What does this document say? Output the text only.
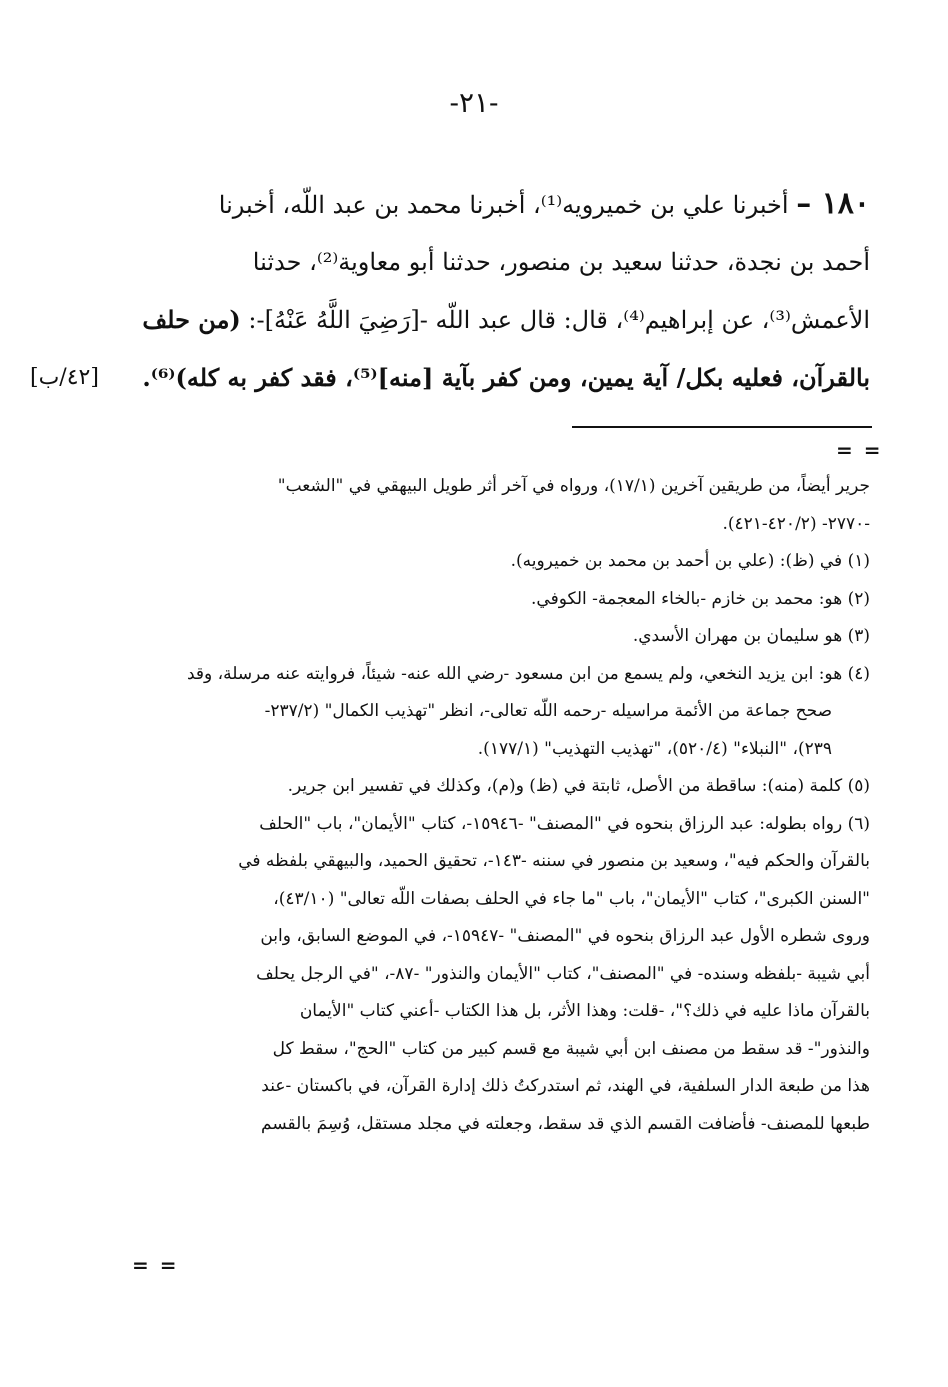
-٢١-
١٨٠ – أخبرنا علي بن خميرويه⁽¹⁾، أخبرنا محمد بن عبد اللّه، أخبرنا
أحمد بن نجدة، حدثنا سعيد بن منصور، حدثنا أبو معاوية⁽²⁾، حدثنا
الأعمش⁽³⁾، عن إبراهيم⁽⁴⁾، قال: قال عبد اللّه -[رَضِيَ اللَّهُ عَنْهُ]-: (من حلف
بالقرآن، فعليه بكل/ آية يمين، ومن كفر بآية [منه]⁽⁵⁾، فقد كفر به كله)⁽⁶⁾.
[٤٢/ب]
= =
جرير أيضاً، من طريقين آخرين (١٧/١)، ورواه في آخر أثر طويل البيهقي في "الشعب"
-٢٧٧٠- (٤٢٠/٢-٤٢١).
(١) في (ظ): (علي بن أحمد بن محمد بن خميرويه).
(٢) هو: محمد بن خازم -بالخاء المعجمة- الكوفي.
(٣) هو سليمان بن مهران الأسدي.
(٤) هو: ابن يزيد النخعي، ولم يسمع من ابن مسعود -رضي الله عنه- شيئاً، فروايته عنه مرسلة، وقد
صحح جماعة من الأئمة مراسيله -رحمه اللّه تعالى-، انظر "تهذيب الكمال" (٢٣٧/٢-
٢٣٩)، "النبلاء" (٥٢٠/٤)، "تهذيب التهذيب" (١٧٧/١).
(٥) كلمة (منه): ساقطة من الأصل، ثابتة في (ظ) و(م)، وكذلك في تفسير ابن جرير.
(٦) رواه بطوله: عبد الرزاق بنحوه في "المصنف" -١٥٩٤٦-، كتاب "الأيمان"، باب "الحلف
بالقرآن والحكم فيه"، وسعيد بن منصور في سننه -١٤٣-، تحقيق الحميد، والبيهقي بلفظه في
"السنن الكبرى"، كتاب "الأيمان"، باب "ما جاء في الحلف بصفات اللّه تعالى" (٤٣/١٠)،
وروى شطره الأول عبد الرزاق بنحوه في "المصنف" -١٥٩٤٧-، في الموضع السابق، وابن
أبي شيبة -بلفظه وسنده- في "المصنف"، كتاب "الأيمان والنذور" -٨٧-، "في الرجل يحلف
بالقرآن ماذا عليه في ذلك؟"، -قلت: وهذا الأثر، بل هذا الكتاب -أعني كتاب "الأيمان
والنذور"- قد سقط من مصنف ابن أبي شيبة مع قسم كبير من كتاب "الحج"، سقط كل
هذا من طبعة الدار السلفية، في الهند، ثم استدركتُ ذلك إدارة القرآن، في باكستان -عند
طبعها للمصنف- فأضافت القسم الذي قد سقط، وجعلته في مجلد مستقل، وُسِمَ بالقسم
= =
